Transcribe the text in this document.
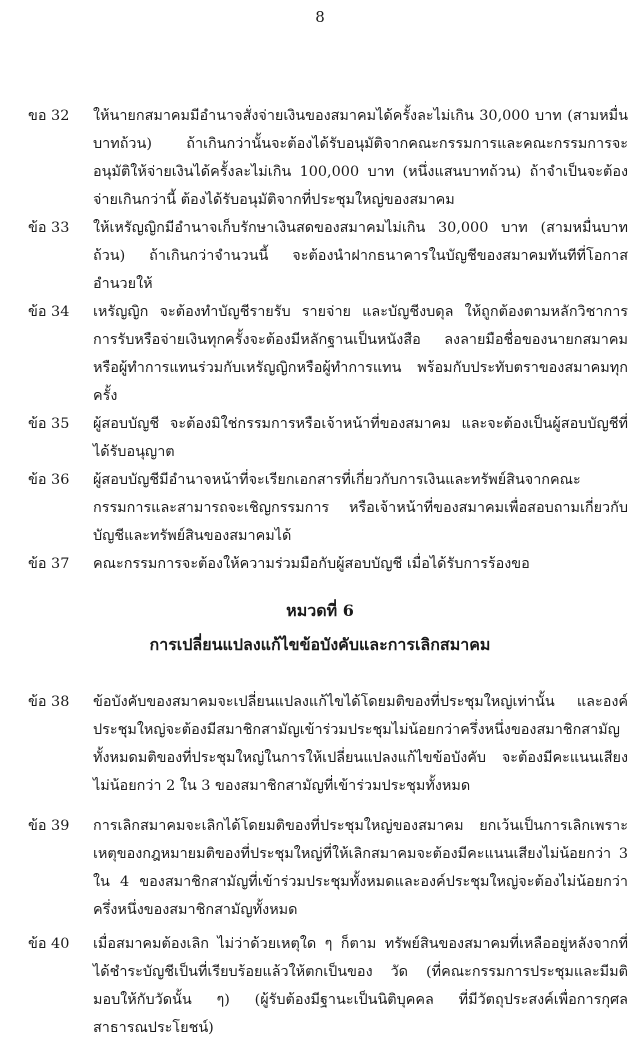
8
ขอ 32	ให้นายกสมาคมมีอำนาจสั่งจ่ายเงินของสมาคมได้ครั้งละไม่เกิน 30,000 บาท (สามหมื่นบาทถ้วน) ถ้าเกินกว่านั้นจะต้องได้รับอนุมัติจากคณะกรรมการและคณะกรรมการจะอนุมัติให้จ่ายเงินได้ครั้งละไม่เกิน 100,000 บาท (หนึ่งแสนบาทถ้วน) ถ้าจำเป็นจะต้องจ่ายเกินกว่านี้ ต้องได้รับอนุมัติจากที่ประชุมใหญ่ของสมาคม
ข้อ 33	ให้เหรัญญิกมีอำนาจเก็บรักษาเงินสดของสมาคมไม่เกิน 30,000 บาท (สามหมื่นบาทถ้วน) ถ้าเกินกว่าจำนวนนี้ จะต้องนำฝากธนาคารในบัญชีของสมาคมทันทีที่โอกาสอำนวยให้
ข้อ 34	เหรัญญิก จะต้องทำบัญชีรายรับ รายจ่าย และบัญชีงบดุล ให้ถูกต้องตามหลักวิชาการ การรับหรือจ่ายเงินทุกครั้งจะต้องมีหลักฐานเป็นหนังสือ ลงลายมือชื่อของนายกสมาคมหรือผู้ทำการแทนร่วมกับเหรัญญิกหรือผู้ทำการแทน พร้อมกับประทับตราของสมาคมทุกครั้ง
ข้อ 35	ผู้สอบบัญชี จะต้องมิใช่กรรมการหรือเจ้าหน้าที่ของสมาคม และจะต้องเป็นผู้สอบบัญชีที่ได้รับอนุญาต
ข้อ 36	ผู้สอบบัญชีมีอำนาจหน้าที่จะเรียกเอกสารที่เกี่ยวกับการเงินและทรัพย์สินจากคณะกรรมการและสามารถจะเชิญกรรมการ หรือเจ้าหน้าที่ของสมาคมเพื่อสอบถามเกี่ยวกับบัญชีและทรัพย์สินของสมาคมได้
ข้อ 37	คณะกรรมการจะต้องให้ความร่วมมือกับผู้สอบบัญชี เมื่อได้รับการร้องขอ
หมวดที่ 6
การเปลี่ยนแปลงแก้ไขข้อบังคับและการเลิกสมาคม
ข้อ 38	ข้อบังคับของสมาคมจะเปลี่ยนแปลงแก้ไขได้โดยมติของที่ประชุมใหญ่เท่านั้น และองค์ประชุมใหญ่จะต้องมีสมาชิกสามัญเข้าร่วมประชุมไม่น้อยกว่าครึ่งหนึ่งของสมาชิกสามัญทั้งหมดมติของที่ประชุมใหญ่ในการให้เปลี่ยนแปลงแก้ไขข้อบังคับ จะต้องมีคะแนนเสียงไม่น้อยกว่า 2 ใน 3 ของสมาชิกสามัญที่เข้าร่วมประชุมทั้งหมด
ข้อ 39	การเลิกสมาคมจะเลิกได้โดยมติของที่ประชุมใหญ่ของสมาคม ยกเว้นเป็นการเลิกเพราะเหตุของกฎหมายมติของที่ประชุมใหญ่ที่ให้เลิกสมาคมจะต้องมีคะแนนเสียงไม่น้อยกว่า 3 ใน 4 ของสมาชิกสามัญที่เข้าร่วมประชุมทั้งหมดและองค์ประชุมใหญ่จะต้องไม่น้อยกว่าครึ่งหนึ่งของสมาชิกสามัญทั้งหมด
ข้อ 40	เมื่อสมาคมต้องเลิก ไม่ว่าด้วยเหตุใด ๆ ก็ตาม ทรัพย์สินของสมาคมที่เหลืออยู่หลังจากที่ได้ชำระบัญชีเป็นที่เรียบร้อยแล้วให้ตกเป็นของ วัด (ที่คณะกรรมการประชุมและมีมติมอบให้กับวัดนั้น ๆ) (ผู้รับต้องมีฐานะเป็นนิติบุคคล ที่มีวัตถุประสงค์เพื่อการกุศลสาธารณประโยชน์)
